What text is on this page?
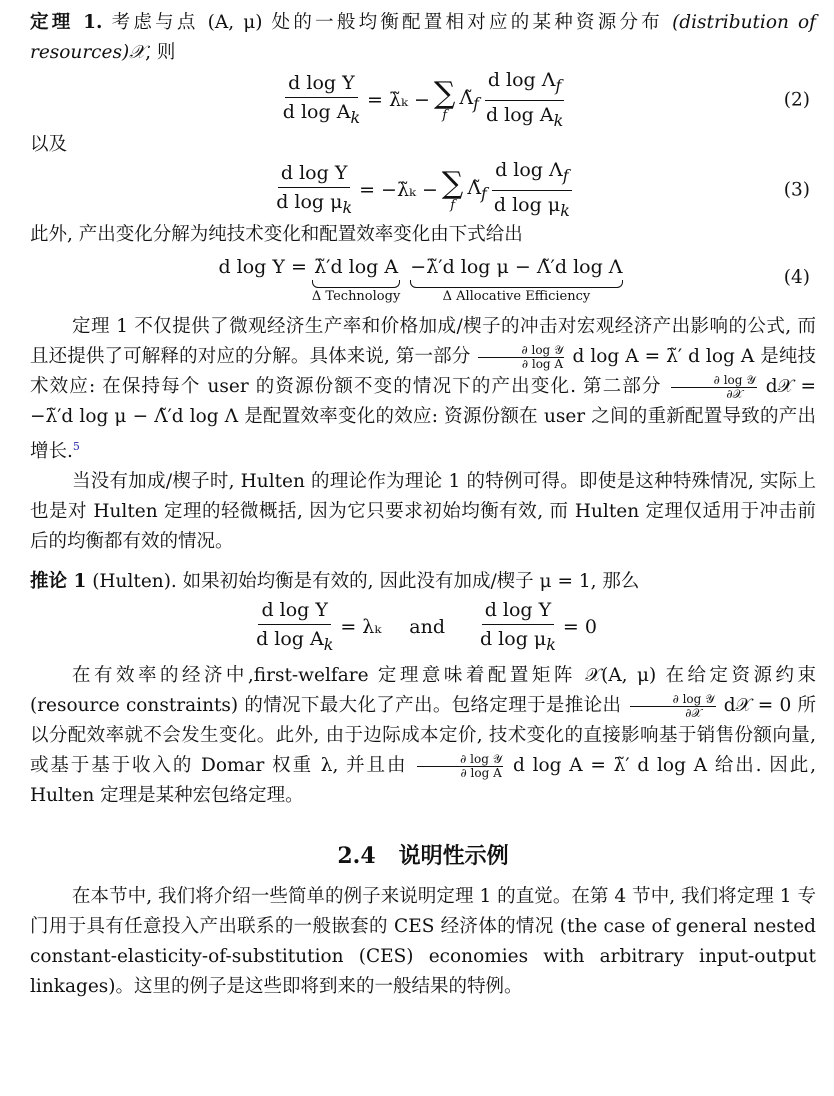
定理 1. 考虑与点 (A, μ) 处的一般均衡配置相对应的某种资源分布 (distribution of resources)𝒳, 则

$\frac{\text{d log Y}}{d \log A_k}$ = λ̃ₖ − ∑
f
$\Lambdã_f \frac{d \log \Lambda_f}{d \log A_k}$	(2)

以及

$\frac{\text{d log Y}}{d \log \mu_k}$ = −λ̃ₖ − ∑
f
$\Lambdã_f \frac{d \log \Lambda_f}{d \log \mu_k}$	(3)

此外, 产出变化分解为纯技术变化和配置效率变化由下式给出

d log Y = λ̃′d log A
Δ Technology
−λ̃′d log μ − Λ̃′d log Λ
Δ Allocative Efficiency
(4)

定理 1 不仅提供了微观经济生产率和价格加成/楔子的冲击对宏观经济产出影响的公式, 而且还提供了可解释的对应的分解。具体来说, 第一部分	∂ log 𝒴
∂ log A d log A = λ̃′ d log A 是纯技术效应: 在保持每个 user 的资源份额不变的情况下的产出变化. 第二部分	∂ log 𝒴
∂𝒳 d𝒳 = −λ̃′d log μ − Λ̃′d log Λ 是配置效率变化的效应: 资源份额在 user 之间的重新配置导致的产出增长.$^5$

当没有加成/楔子时, Hulten 的理论作为理论 1 的特例可得。即使是这种特殊情况, 实际上也是对 Hulten 定理的轻微概括, 因为它只要求初始均衡有效, 而 Hulten 定理仅适用于冲击前后的均衡都有效的情况。

推论 1 (Hulten). 如果初始均衡是有效的, 因此没有加成/楔子 μ = 1, 那么

$\frac{\text{d log Y}}{d \log A_k} = \lambda_k$ and $\frac{\text{d log Y}}{d \log \mu_k} = 0$

在有效率的经济中,first-welfare 定理意味着配置矩阵 𝒳(A, μ) 在给定资源约束 (resource constraints) 的情况下最大化了产出。包络定理于是推论出	∂ log 𝒴
∂𝒳 d𝒳 = 0 所以分配效率就不会发生变化。此外, 由于边际成本定价, 技术变化的直接影响基于销售份额向量, 或基于基于收入的 Domar 权重 λ, 并且由	∂ log 𝒴
∂ log A d log A = λ̃′ d log A 给出. 因此, Hulten 定理是某种宏包络定理。

2.4 说明性示例

在本节中, 我们将介绍一些简单的例子来说明定理 1 的直觉。在第 4 节中, 我们将定理 1 专门用于具有任意投入产出联系的一般嵌套的 CES 经济体的情况 (the case of general nested constant-elasticity-of-substitution (CES) economies with arbitrary input-output linkages)。这里的例子是这些即将到来的一般结果的特例。
